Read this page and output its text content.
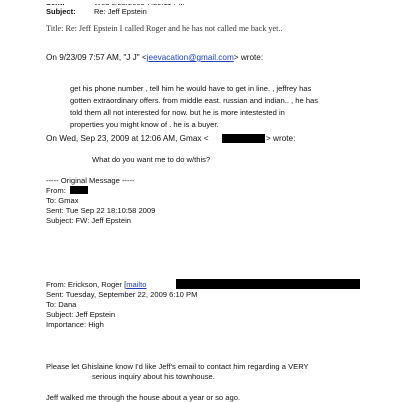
Subject: Re: Jeff Epstein
Title: Re: Jeff Epstein I called Roger and he has not called me back yet..
On 9/23/09 7:57 AM, "J J" <jeevacation@gmail.com> wrote:
get his phone number , tell him he would have to get in line. , jeffrey has
gotten extraordinary offers. from middle east. russian and indian.. , he has
told them all not interested for now. but he is more intestested in
properties you might know of . he is a buyer.
On Wed, Sep 23, 2009 at 12:06 AM, Gmax <	> wrote:
What do you want me to do w/this?
----- Original Message -----
From:
To: Gmax
Sent: Tue Sep 22 18:10:58 2009
Subject: FW: Jeff Epstein
From: Erickson, Roger [mailto
Sent: Tuesday, September 22, 2009 6:10 PM
To: Dana
Subject: Jeff Epstein
Importance: High
Please let Ghislaine know I'd like Jeff's email to contact him regarding a VERY
serious inquiry about his townhouse.
Jeff walked me through the house about a year or so ago.
